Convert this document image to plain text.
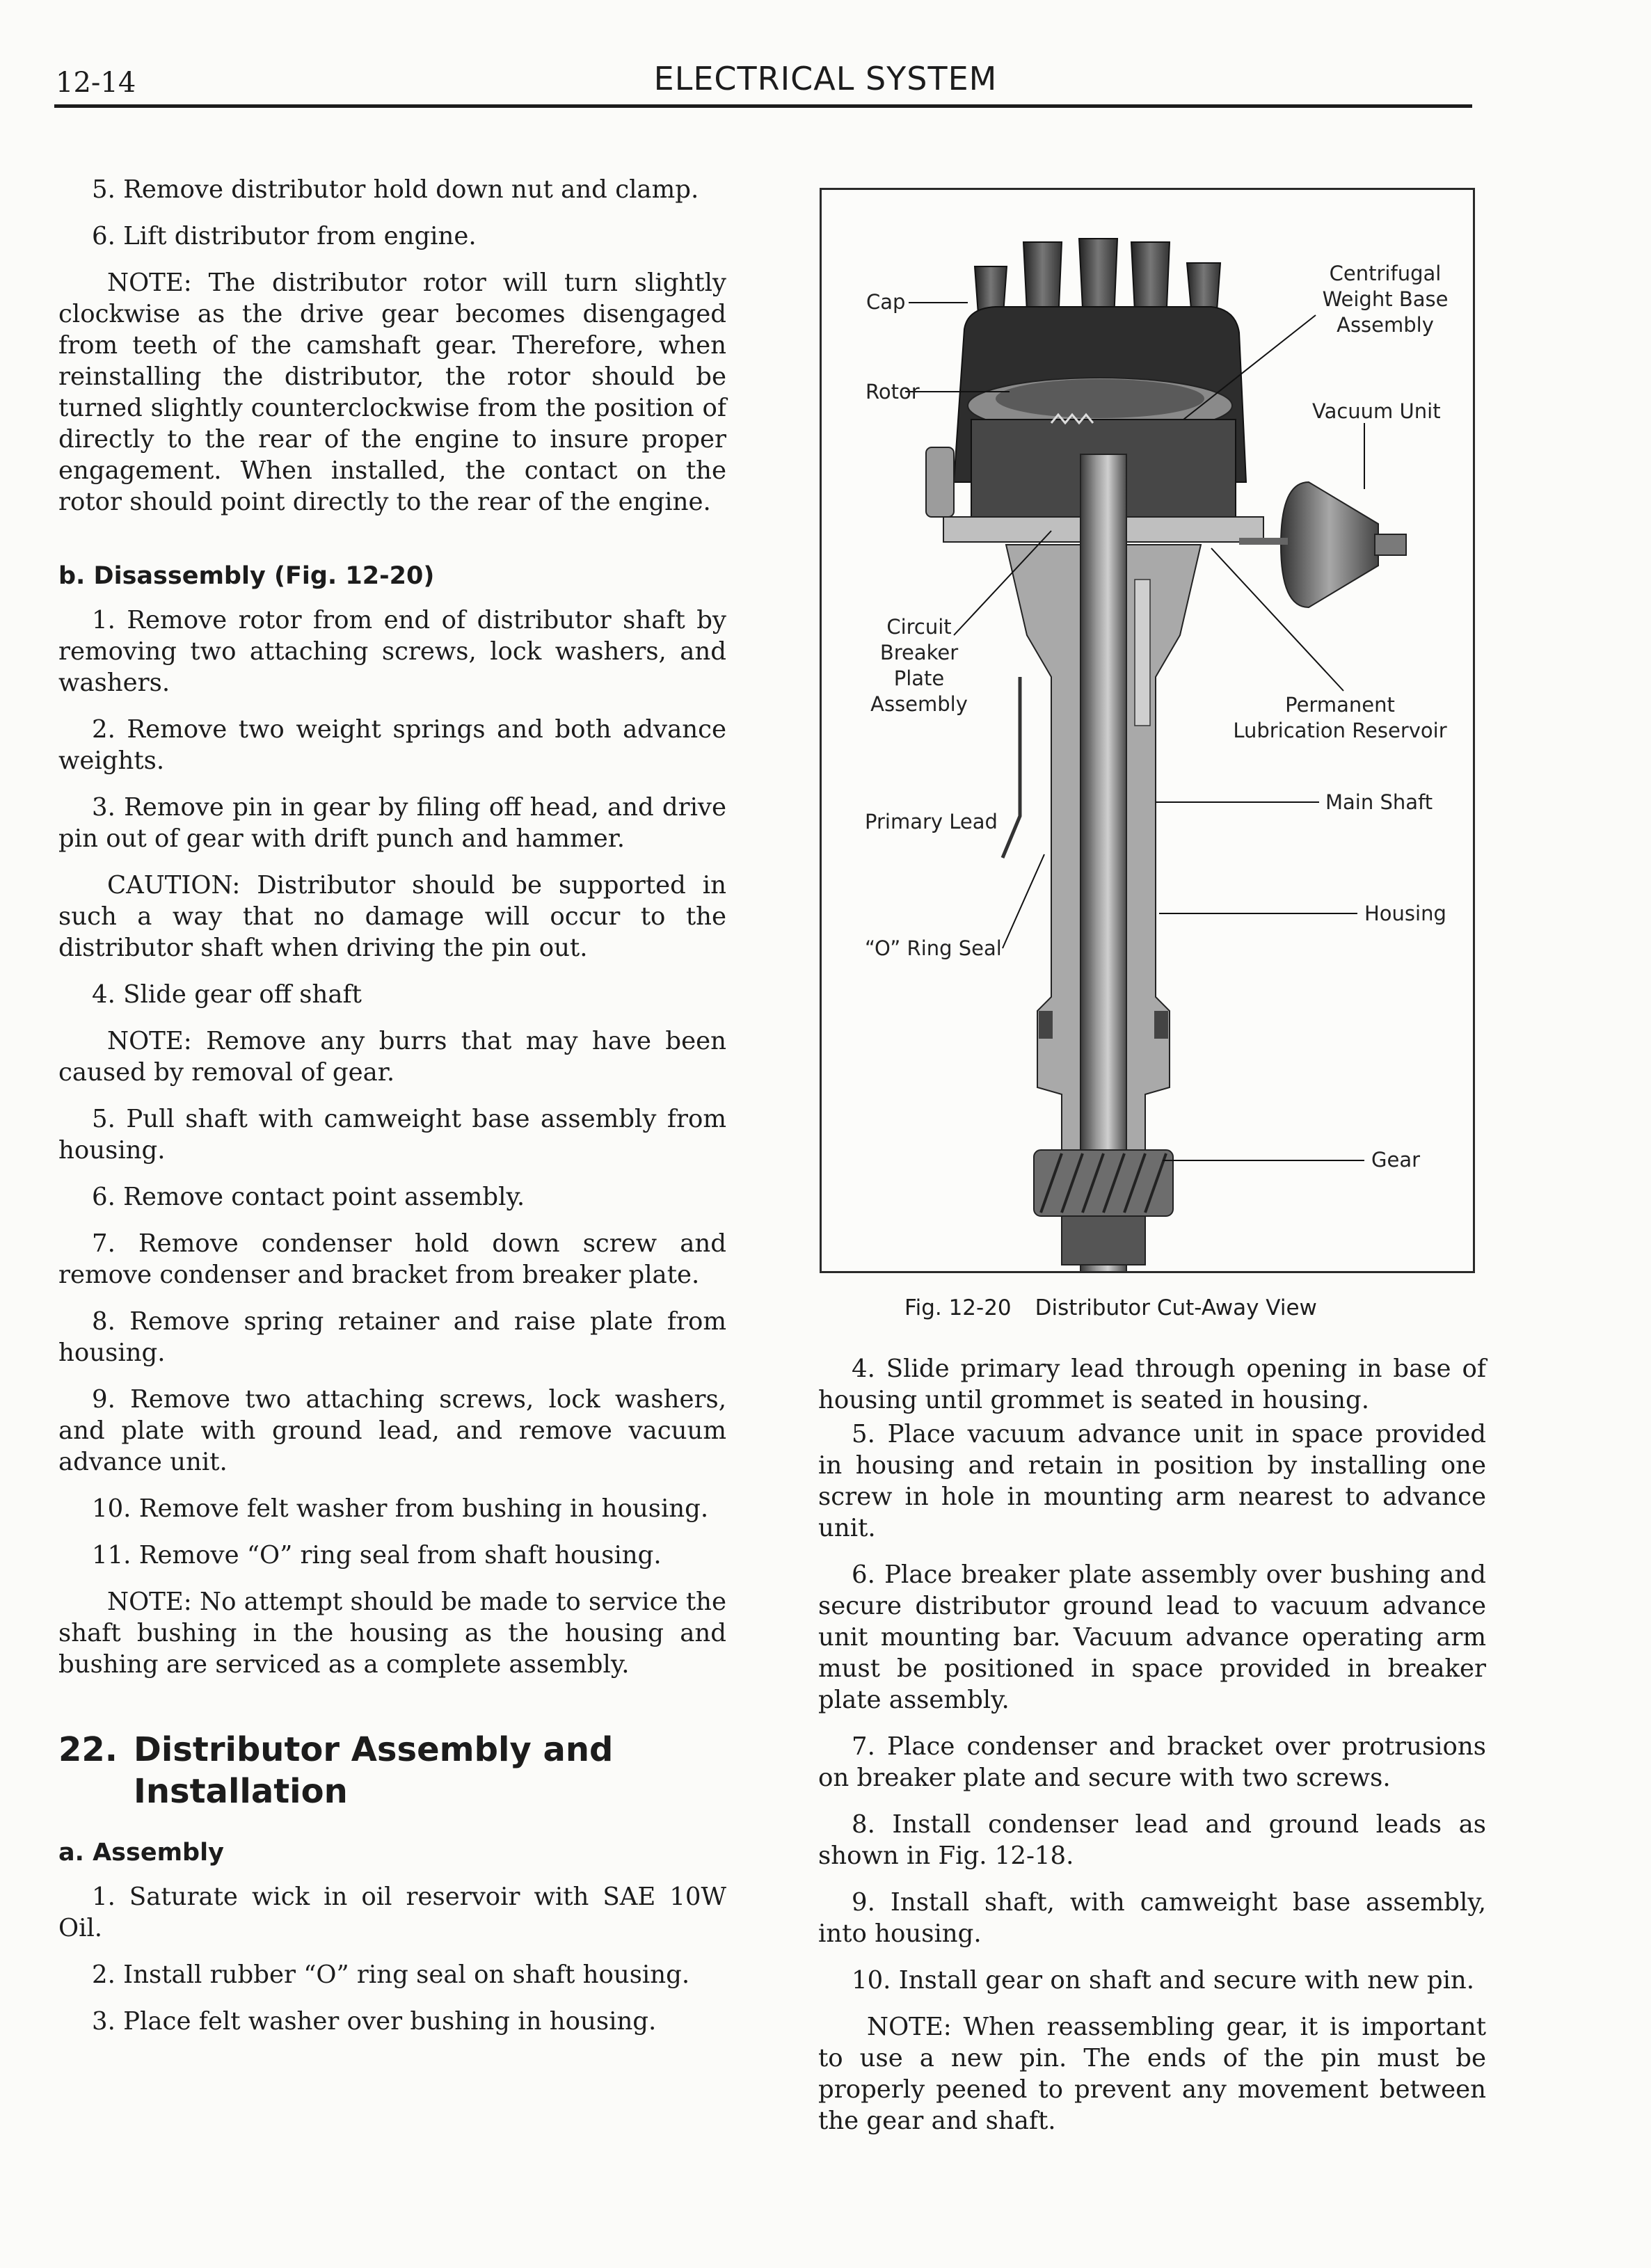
12-14	ELECTRICAL SYSTEM

5. Remove distributor hold down nut and clamp.

6. Lift distributor from engine.

NOTE: The distributor rotor will turn slightly clockwise as the drive gear becomes disengaged from teeth of the camshaft gear. Therefore, when reinstalling the distributor, the rotor should be turned slightly counterclockwise from the position of directly to the rear of the engine to insure proper engagement. When installed, the contact on the rotor should point directly to the rear of the engine.

b. Disassembly (Fig. 12-20)

1. Remove rotor from end of distributor shaft by removing two attaching screws, lock washers, and washers.

2. Remove two weight springs and both advance weights.

3. Remove pin in gear by filing off head, and drive pin out of gear with drift punch and hammer.

CAUTION: Distributor should be supported in such a way that no damage will occur to the distributor shaft when driving the pin out.

4. Slide gear off shaft

NOTE: Remove any burrs that may have been caused by removal of gear.

5. Pull shaft with camweight base assembly from housing.

6. Remove contact point assembly.

7. Remove condenser hold down screw and remove condenser and bracket from breaker plate.

8. Remove spring retainer and raise plate from housing.

9. Remove two attaching screws, lock washers, and plate with ground lead, and remove vacuum advance unit.

10. Remove felt washer from bushing in housing.

11. Remove “O” ring seal from shaft housing.

NOTE: No attempt should be made to service the shaft bushing in the housing as the housing and bushing are serviced as a complete assembly.

22. Distributor Assembly and Installation
a. Assembly

1. Saturate wick in oil reservoir with SAE 10W Oil.

2. Install rubber “O” ring seal on shaft housing.

3. Place felt washer over bushing in housing.

Cap
Rotor
Centrifugal
Weight Base
Assembly
Vacuum Unit
Circuit
Breaker
Plate
Assembly	Permanent
Lubrication Reservoir
Primary Lead
Main Shaft
“O” Ring Seal
Housing
Gear
Fig. 12-20 Distributor Cut-Away View

4. Slide primary lead through opening in base of housing until grommet is seated in housing.

5. Place vacuum advance unit in space provided in housing and retain in position by installing one screw in hole in mounting arm nearest to advance unit.

6. Place breaker plate assembly over bushing and secure distributor ground lead to vacuum advance unit mounting bar. Vacuum advance operating arm must be positioned in space provided in breaker plate assembly.

7. Place condenser and bracket over protrusions on breaker plate and secure with two screws.

8. Install condenser lead and ground leads as shown in Fig. 12-18.

9. Install shaft, with camweight base assembly, into housing.

10. Install gear on shaft and secure with new pin.

NOTE: When reassembling gear, it is important to use a new pin. The ends of the pin must be properly peened to prevent any movement between the gear and shaft.
